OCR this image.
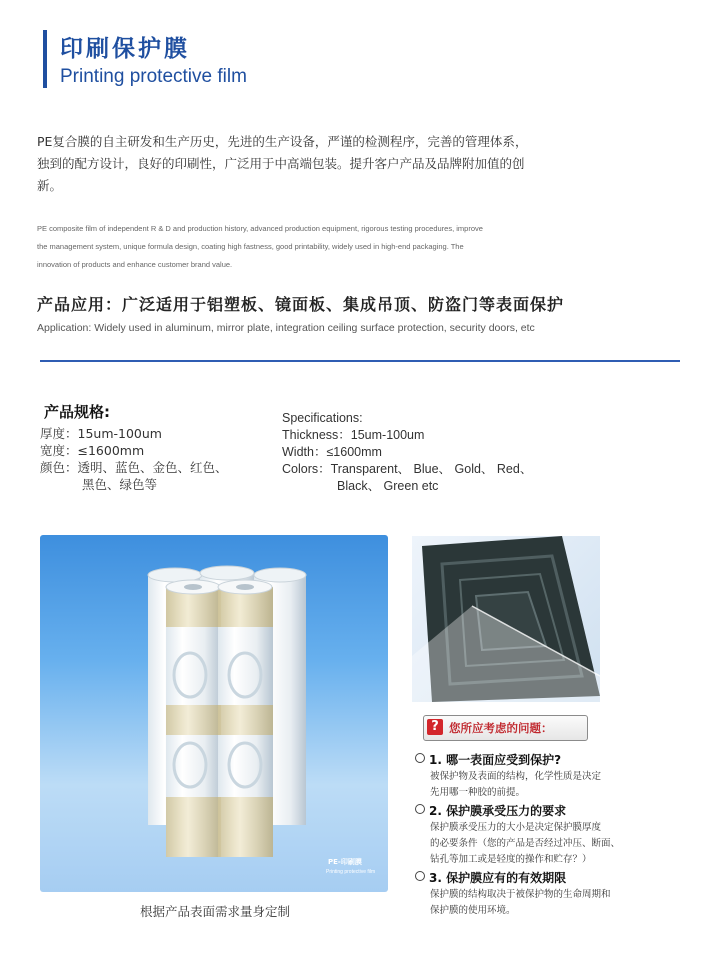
印刷保护膜
Printing protective film
PE复合膜的自主研发和生产历史，先进的生产设备，严谨的检测程序，完善的管理体系，
独到的配方设计，良好的印刷性，广泛用于中高端包装。提升客户产品及品牌附加值的创
新。
PE composite film of independent R & D and production history, advanced production equipment, rigorous testing procedures, improve
the management system, unique formula design, coating high fastness, good printability, widely used in high-end packaging. The
innovation of products and enhance customer brand value.
产品应用：广泛适用于铝塑板、镜面板、集成吊顶、防盗门等表面保护
Application: Widely used in aluminum, mirror plate, integration ceiling surface protection, security doors, etc
产品规格:
厚度：15um-100um
宽度：≤1600mm
颜色：透明、蓝色、金色、红色、
黑色、绿色等
Specifications:
Thickness：15um-100um
Width：≤1600mm
Colors：Transparent、 Blue、 Gold、 Red、
Black、 Green etc
PE-印刷膜
Printing protective film
根据产品表面需求量身定制
? 您所应考虑的问题：
1. 哪一表面应受到保护?
被保护物及表面的结构，化学性质是决定
先用哪一种胶的前提。
2. 保护膜承受压力的要求
保护膜承受压力的大小是决定保护膜厚度
的必要条件（您的产品是否经过冲压、断面、
钻孔等加工或是轻度的操作和贮存？）
3. 保护膜应有的有效期限
保护膜的结构取决于被保护物的生命周期和
保护膜的使用环境。
